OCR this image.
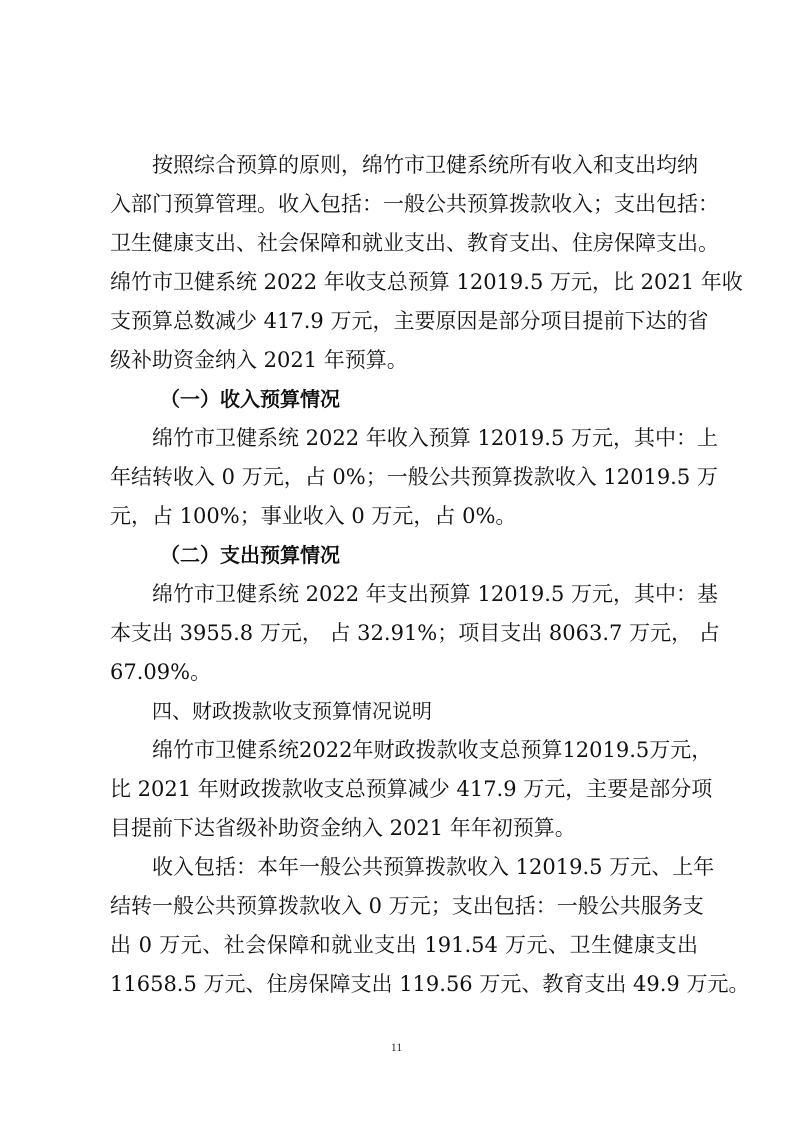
按照综合预算的原则，绵竹市卫健系统所有收入和支出均纳
入部门预算管理。收入包括：一般公共预算拨款收入；支出包括：
卫生健康支出、社会保障和就业支出、教育支出、住房保障支出。
绵竹市卫健系统 2022 年收支总预算 12019.5 万元，比 2021 年收
支预算总数减少 417.9 万元，主要原因是部分项目提前下达的省
级补助资金纳入 2021 年预算。
（一）收入预算情况
绵竹市卫健系统 2022 年收入预算 12019.5 万元，其中：上
年结转收入 0 万元，占 0%；一般公共预算拨款收入 12019.5 万
元，占 100%；事业收入 0 万元，占 0%。
（二）支出预算情况
绵竹市卫健系统 2022 年支出预算 12019.5 万元，其中：基
本支出 3955.8 万元， 占 32.91%；项目支出 8063.7 万元， 占
67.09%。
四、财政拨款收支预算情况说明
绵竹市卫健系统2022年财政拨款收支总预算12019.5万元，
比 2021 年财政拨款收支总预算减少 417.9 万元，主要是部分项
目提前下达省级补助资金纳入 2021 年年初预算。
收入包括：本年一般公共预算拨款收入 12019.5 万元、上年
结转一般公共预算拨款收入 0 万元；支出包括：一般公共服务支
出 0 万元、社会保障和就业支出 191.54 万元、卫生健康支出
11658.5 万元、住房保障支出 119.56 万元、教育支出 49.9 万元。
11
